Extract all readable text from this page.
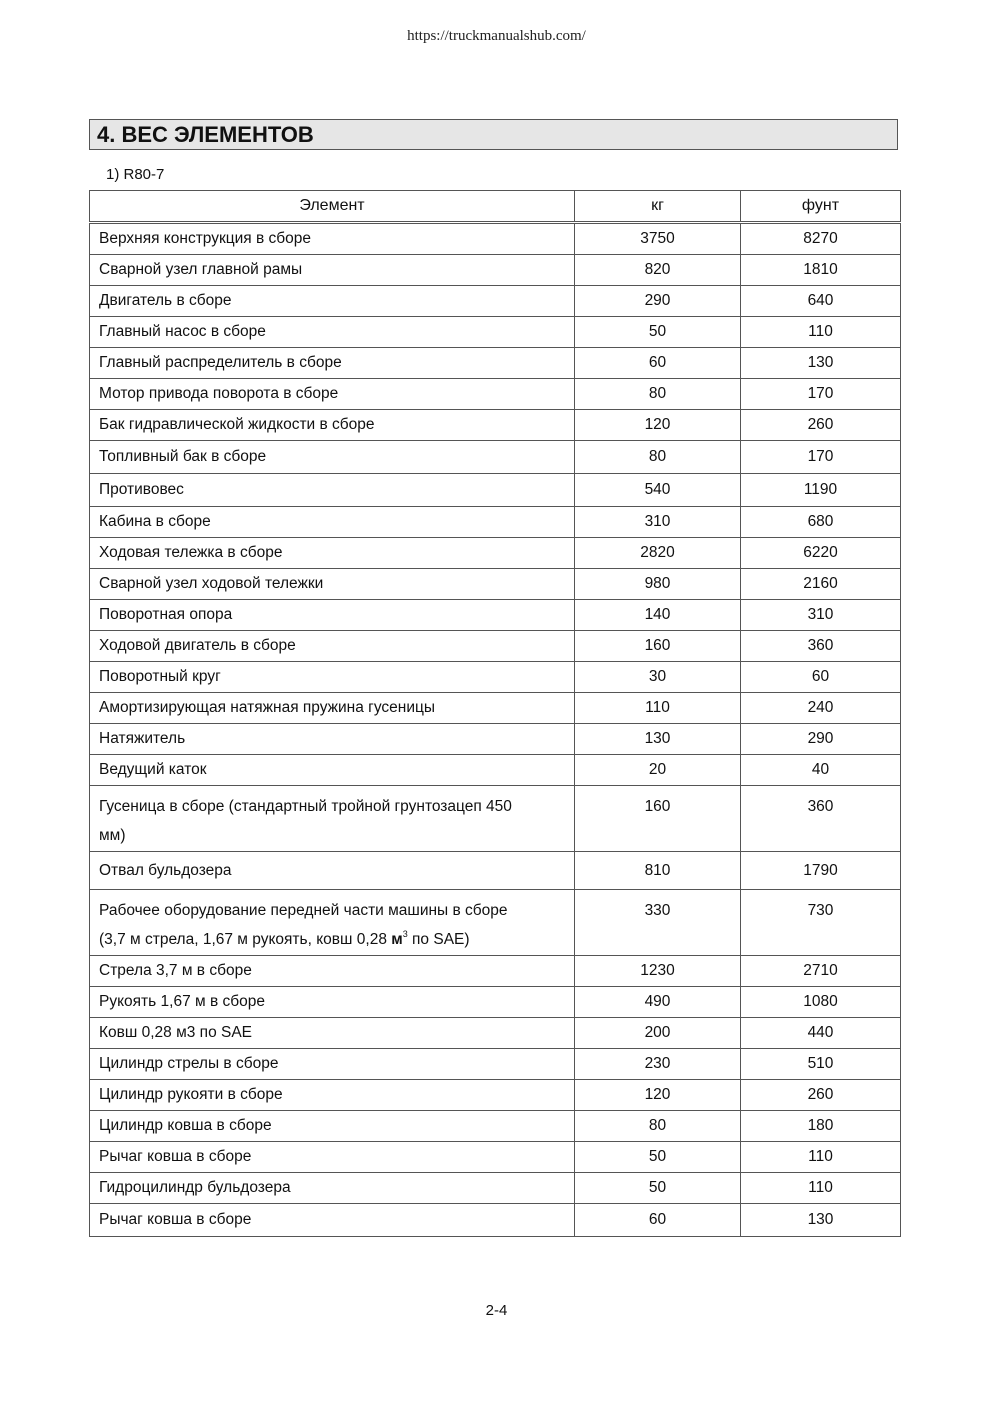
https://truckmanualshub.com/
4. ВЕС ЭЛЕМЕНТОВ
1) R80-7
Элемент	кг	фунт
Верхняя конструкция в сборе	3750	8270
Сварной узел главной рамы	820	1810
Двигатель в сборе	290	640
Главный насос в сборе	50	110
Главный распределитель в сборе	60	130
Мотор привода поворота в сборе	80	170
Бак гидравлической жидкости в сборе	120	260
Топливный бак в сборе	80	170
Противовес	540	1190
Кабина в сборе	310	680
Ходовая тележка в сборе	2820	6220
Сварной узел ходовой тележки	980	2160
Поворотная опора	140	310
Ходовой двигатель в сборе	160	360
Поворотный круг	30	60
Амортизирующая натяжная пружина гусеницы	110	240
Натяжитель	130	290
Ведущий каток	20	40

Гусеница в сборе (стандартный тройной грунтозацеп 450
мм)	160	360
Отвал бульдозера	810	1790

Рабочее оборудование передней части машины в сборе
(3,7 м стрела, 1,67 м рукоять, ковш 0,28 $м^3$ по SAE)	330	730
Стрела 3,7 м в сборе	1230	2710
Рукоять 1,67 м в сборе	490	1080
Ковш 0,28 м3 по SAE	200	440
Цилиндр стрелы в сборе	230	510
Цилиндр рукояти в сборе	120	260
Цилиндр ковша в сборе	80	180
Рычаг ковша в сборе	50	110
Гидроцилиндр бульдозера	50	110
Рычаг ковша в сборе	60	130
2-4
